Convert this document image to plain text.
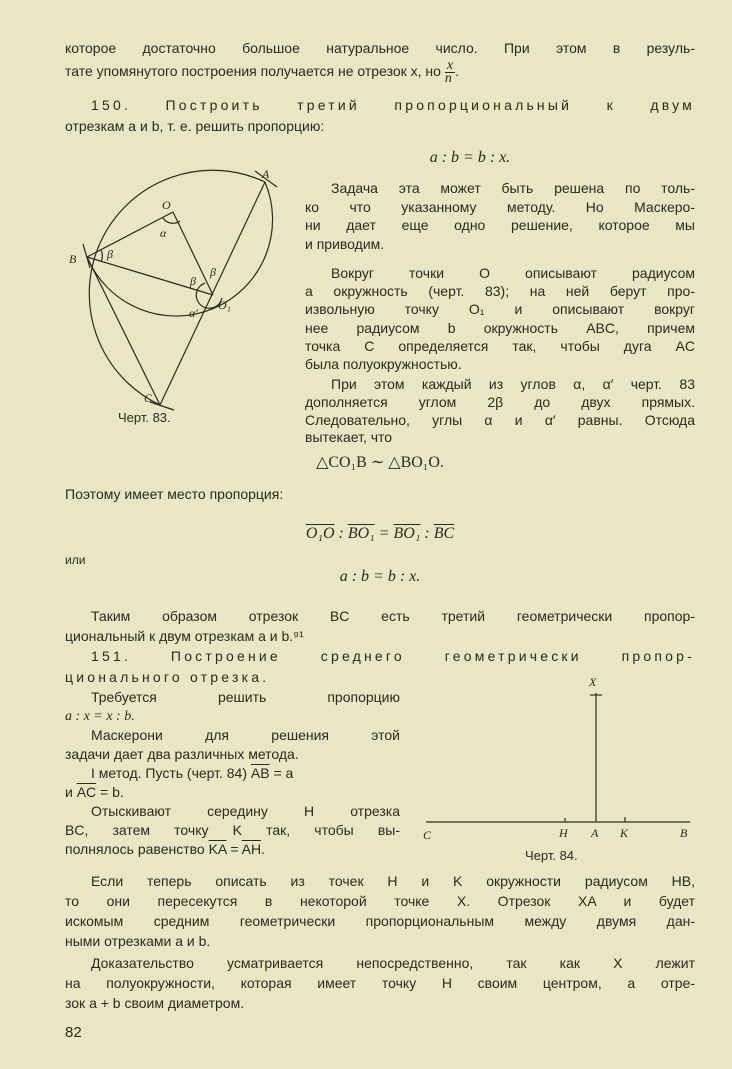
которое достаточно большое натуральное число. При этом в резуль-
тате упомянутого построения получается не отрезок x, но $\frac{x}{n}$ .
150. Построить третий пропорциональный к двум
отрезкам a и b, т. е. решить пропорцию:
a : b = b : x.
Задача эта может быть решена по толь-
ко что указанному методу. Но Маскеро-
ни дает еще одно решение, которое мы
и приводим.
Вокруг точки O описывают радиусом
a окружность (черт. 83); на ней берут про-
извольную точку O₁ и описывают вокруг
нее радиусом b окружность ABC, причем
точка C определяется так, чтобы дуга AC
была полуокружностью.
При этом каждый из углов α, α′ черт. 83
дополняется углом 2β до двух прямых.
Следовательно, углы α и α′ равны. Отсюда
вытекает, что
Черт. 83.
△CO₁B ∼ △BO₁O.
Поэтому имеет место пропорция:
O₁O : BO₁ = BO₁ : $\overline{BC}$
или
a : b = b : x.
Таким образом отрезок BC есть третий геометрически пропор-
циональный к двум отрезкам a и b.⁹¹
151. Построение среднего геометрически пропор-
ционального отрезка.
Требуется решить пропорцию
a : x = x : b.
Маскерони для решения этой
задачи дает два различных метода.
I метод. Пусть (черт. 84) $\overline{AB} = a$
и $\overline{AC} = b$.
Отыскивают середину H отрезка
BC, затем точку K так, чтобы вы-
полнялось равенство $\overline{KA} = \overline{AH}$.	Черт. 84.
Если теперь описать из точек H и K окружности радиусом HB,
то они пересекутся в некоторой точке X. Отрезок XA и будет
искомым средним геометрически пропорциональным между двумя дан-
ными отрезками a и b.
Доказательство усматривается непосредственно, так как X лежит
на полуокружности, которая имеет точку H своим центром, а отре-
зок a + b своим диаметром.
82
A
B
C
O
O₁
α
α′
β
β
β
X
C	H A K	B
